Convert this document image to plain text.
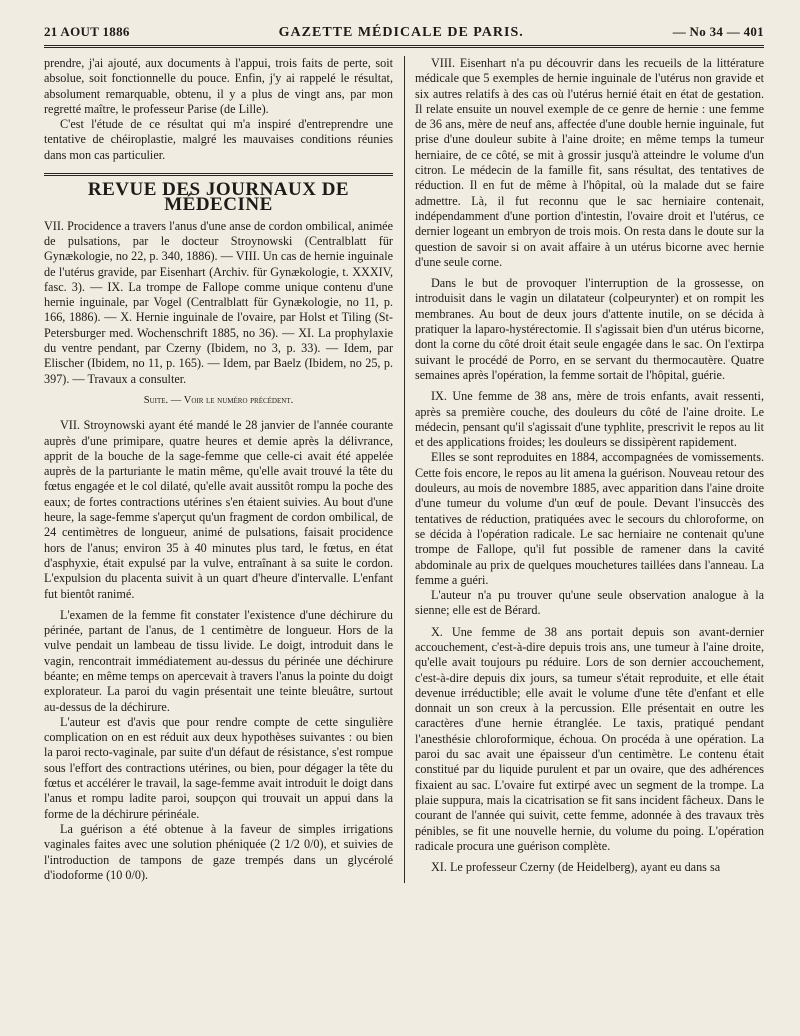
21 AOUT 1886	GAZETTE MÉDICALE DE PARIS.	— No 34 — 401

prendre, j'ai ajouté, aux documents à l'appui, trois faits de perte, soit absolue, soit fonctionnelle du pouce. Enfin, j'y ai rappelé le résultat, absolument remarquable, obtenu, il y a plus de vingt ans, par mon regretté maître, le professeur Parise (de Lille).

C'est l'étude de ce résultat qui m'a inspiré d'entreprendre une tentative de chéiroplastie, malgré les mauvaises conditions réunies dans mon cas particulier.

REVUE DES JOURNAUX DE MÉDECINE

VII. Procidence a travers l'anus d'une anse de cordon ombilical, animée de pulsations, par le docteur Stroynowski (Centralblatt für Gynækologie, no 22, p. 340, 1886). — VIII. Un cas de hernie inguinale de l'utérus gravide, par Eisenhart (Archiv. für Gynækologie, t. XXXIV, fasc. 3). — IX. La trompe de Fallope comme unique contenu d'une hernie inguinale, par Vogel (Centralblatt für Gynækologie, no 11, p. 166, 1886). — X. Hernie inguinale de l'ovaire, par Holst et Tiling (St-Petersburger med. Wochenschrift 1885, no 36). — XI. La prophylaxie du ventre pendant, par Czerny (Ibidem, no 3, p. 33). — Idem, par Elischer (Ibidem, no 11, p. 165). — Idem, par Baelz (Ibidem, no 25, p. 397). — Travaux a consulter.

Suite. — Voir le numéro précédent.

VII. Stroynowski ayant été mandé le 28 janvier de l'année courante auprès d'une primipare, quatre heures et demie après la délivrance, apprit de la bouche de la sage-femme que celle-ci avait été appelée auprès de la parturiante le matin même, qu'elle avait trouvé la tête du fœtus engagée et le col dilaté, qu'elle avait aussitôt rompu la poche des eaux; de fortes contractions utérines s'en étaient suivies. Au bout d'une heure, la sage-femme s'aperçut qu'un fragment de cordon ombilical, de 24 centimètres de longueur, animé de pulsations, faisait procidence hors de l'anus; environ 35 à 40 minutes plus tard, le fœtus, en état d'asphyxie, était expulsé par la vulve, entraînant à sa suite le cordon. L'expulsion du placenta suivit à un quart d'heure d'intervalle. L'enfant fut bientôt ranimé.

L'examen de la femme fit constater l'existence d'une déchirure du périnée, partant de l'anus, de 1 centimètre de longueur. Hors de la vulve pendait un lambeau de tissu livide. Le doigt, introduit dans le vagin, rencontrait immédiatement au-dessus du périnée une déchirure béante; en même temps on apercevait à travers l'anus la pointe du doigt explorateur. La paroi du vagin présentait une teinte bleuâtre, surtout au-dessus de la déchirure.

L'auteur est d'avis que pour rendre compte de cette singulière complication on en est réduit aux deux hypothèses suivantes : ou bien la paroi recto-vaginale, par suite d'un défaut de résistance, s'est rompue sous l'effort des contractions utérines, ou bien, pour dégager la tête du fœtus et accélérer le travail, la sage-femme avait introduit le doigt dans l'anus et rompu ladite paroi, soupçon qui trouvait un appui dans la forme de la déchirure périnéale.

La guérison a été obtenue à la faveur de simples irrigations vaginales faites avec une solution phéniquée (2 1/2 0/0), et suivies de l'introduction de tampons de gaze trempés dans un glycérolé d'iodoforme (10 0/0).

VIII. Eisenhart n'a pu découvrir dans les recueils de la littérature médicale que 5 exemples de hernie inguinale de l'utérus non gravide et six autres relatifs à des cas où l'utérus hernié était en état de gestation. Il relate ensuite un nouvel exemple de ce genre de hernie : une femme de 36 ans, mère de neuf ans, affectée d'une double hernie inguinale, fut prise d'une douleur subite à l'aine droite; en même temps la tumeur herniaire, de ce côté, se mit à grossir jusqu'à atteindre le volume d'un citron. Le médecin de la famille fit, sans résultat, des tentatives de réduction. Il en fut de même à l'hôpital, où la malade dut se faire admettre. Là, il fut reconnu que le sac herniaire contenait, indépendamment d'une portion d'intestin, l'ovaire droit et l'utérus, ce dernier logeant un embryon de trois mois. On resta dans le doute sur la question de savoir si on avait affaire à un utérus bicorne avec hernie d'une seule corne.

Dans le but de provoquer l'interruption de la grossesse, on introduisit dans le vagin un dilatateur (colpeurynter) et on rompit les membranes. Au bout de deux jours d'attente inutile, on se décida à pratiquer la laparo-hystérectomie. Il s'agissait bien d'un utérus bicorne, dont la corne du côté droit était seule engagée dans le sac. On l'extirpa suivant le procédé de Porro, en se servant du thermocautère. Quatre semaines après l'opération, la femme sortait de l'hôpital, guérie.

IX. Une femme de 38 ans, mère de trois enfants, avait ressenti, après sa première couche, des douleurs du côté de l'aine droite. Le médecin, pensant qu'il s'agissait d'une typhlite, prescrivit le repos au lit et des applications froides; les douleurs se dissipèrent rapidement.

Elles se sont reproduites en 1884, accompagnées de vomissements. Cette fois encore, le repos au lit amena la guérison. Nouveau retour des douleurs, au mois de novembre 1885, avec apparition dans l'aine droite d'une tumeur du volume d'un œuf de poule. Devant l'insuccès des tentatives de réduction, pratiquées avec le secours du chloroforme, on se décida à l'opération radicale. Le sac herniaire ne contenait qu'une trompe de Fallope, qu'il fut possible de ramener dans la cavité abdominale au prix de quelques mouchetures taillées dans l'anneau. La femme a guéri.

L'auteur n'a pu trouver qu'une seule observation analogue à la sienne; elle est de Bérard.

X. Une femme de 38 ans portait depuis son avant-dernier accouchement, c'est-à-dire depuis trois ans, une tumeur à l'aine droite, qu'elle avait toujours pu réduire. Lors de son dernier accouchement, c'est-à-dire depuis dix jours, sa tumeur s'était reproduite, et elle était devenue irréductible; elle avait le volume d'une tête d'enfant et elle donnait un son creux à la percussion. Elle présentait en outre les caractères d'une hernie étranglée. Le taxis, pratiqué pendant l'anesthésie chloroformique, échoua. On procéda à une opération. La paroi du sac avait une épaisseur d'un centimètre. Le contenu était constitué par du liquide purulent et par un ovaire, que des adhérences fixaient au sac. L'ovaire fut extirpé avec un segment de la trompe. La plaie suppura, mais la cicatrisation se fit sans incident fâcheux. Dans le courant de l'année qui suivit, cette femme, adonnée à des travaux très pénibles, se fit une nouvelle hernie, du volume du poing. L'opération radicale procura une guérison complète.

XI. Le professeur Czerny (de Heidelberg), ayant eu dans sa
